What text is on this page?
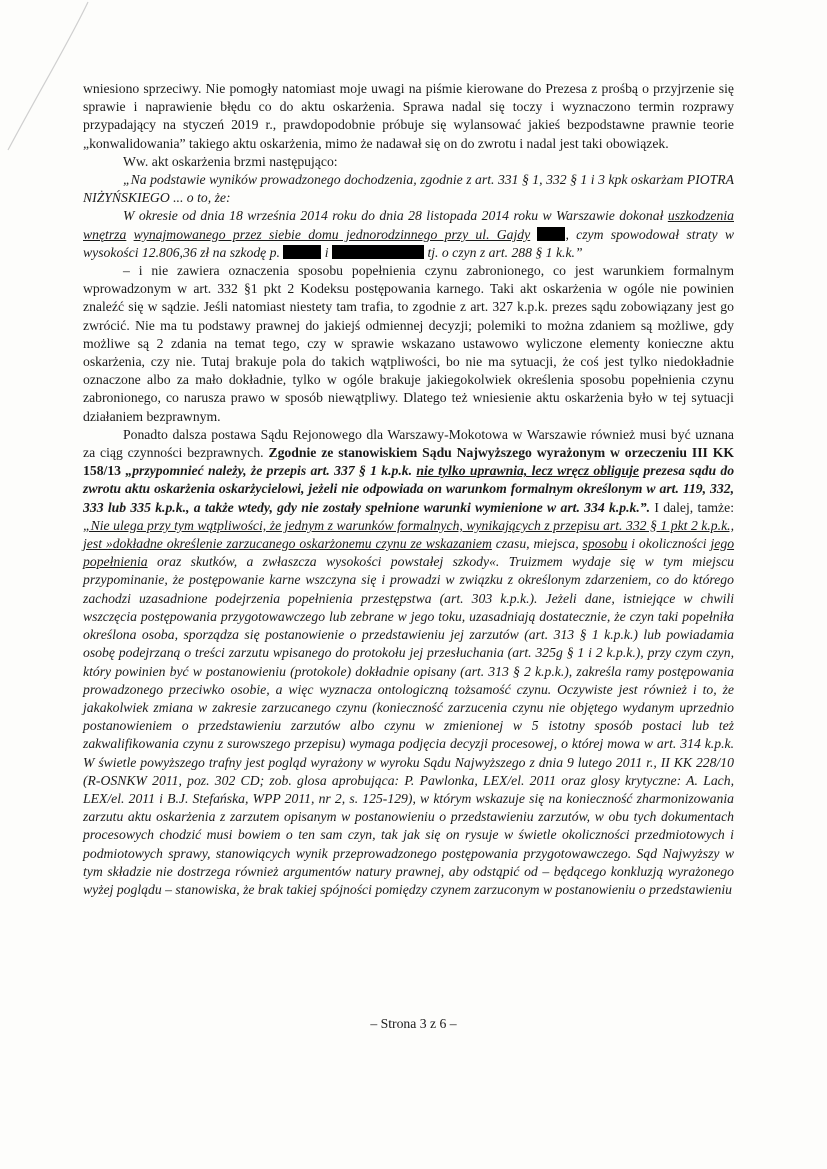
wniesiono sprzeciwy. Nie pomogły natomiast moje uwagi na piśmie kierowane do Prezesa z prośbą o przyjrzenie się sprawie i naprawienie błędu co do aktu oskarżenia. Sprawa nadal się toczy i wyznaczono termin rozprawy przypadający na styczeń 2019 r., prawdopodobnie próbuje się wylansować jakieś bezpodstawne prawnie teorie „konwalidowania” takiego aktu oskarżenia, mimo że nadawał się on do zwrotu i nadal jest taki obowiązek.

Ww. akt oskarżenia brzmi następująco:

„Na podstawie wyników prowadzonego dochodzenia, zgodnie z art. 331 § 1, 332 § 1 i 3 kpk oskarżam PIOTRA NIŻYŃSKIEGO ... o to, że:

W okresie od dnia 18 września 2014 roku do dnia 28 listopada 2014 roku w Warszawie dokonał uszkodzenia wnętrza wynajmowanego przez siebie domu jednorodzinnego przy ul. Gajdy	, czym spowodował straty w wysokości 12.806,36 zł na szkodę p.	i	tj. o czyn z art. 288 § 1 k.k.”

– i nie zawiera oznaczenia sposobu popełnienia czynu zabronionego, co jest warunkiem formalnym wprowadzonym w art. 332 §1 pkt 2 Kodeksu postępowania karnego. Taki akt oskarżenia w ogóle nie powinien znaleźć się w sądzie. Jeśli natomiast niestety tam trafia, to zgodnie z art. 327 k.p.k. prezes sądu zobowiązany jest go zwrócić. Nie ma tu podstawy prawnej do jakiejś odmiennej decyzji; polemiki to można zdaniem są możliwe, gdy możliwe są 2 zdania na temat tego, czy w sprawie wskazano ustawowo wyliczone elementy konieczne aktu oskarżenia, czy nie. Tutaj brakuje pola do takich wątpliwości, bo nie ma sytuacji, że coś jest tylko niedokładnie oznaczone albo za mało dokładnie, tylko w ogóle brakuje jakiegokolwiek określenia sposobu popełnienia czynu zabronionego, co narusza prawo w sposób niewątpliwy. Dlatego też wniesienie aktu oskarżenia było w tej sytuacji działaniem bezprawnym.

Ponadto dalsza postawa Sądu Rejonowego dla Warszawy-Mokotowa w Warszawie również musi być uznana za ciąg czynności bezprawnych. Zgodnie ze stanowiskiem Sądu Najwyższego wyrażonym w orzeczeniu III KK 158/13 „przypomnieć należy, że przepis art. 337 § 1 k.p.k. nie tylko uprawnia, lecz wręcz obliguje prezesa sądu do zwrotu aktu oskarżenia oskarżycielowi, jeżeli nie odpowiada on warunkom formalnym określonym w art. 119, 332, 333 lub 335 k.p.k., a także wtedy, gdy nie zostały spełnione warunki wymienione w art. 334 k.p.k.”. I dalej, tamże: „Nie ulega przy tym wątpliwości, że jednym z warunków formalnych, wynikających z przepisu art. 332 § 1 pkt 2 k.p.k., jest »dokładne określenie zarzucanego oskarżonemu czynu ze wskazaniem czasu, miejsca, sposobu i okoliczności jego popełnienia oraz skutków, a zwłaszcza wysokości powstałej szkody«. Truizmem wydaje się w tym miejscu przypominanie, że postępowanie karne wszczyna się i prowadzi w związku z określonym zdarzeniem, co do którego zachodzi uzasadnione podejrzenia popełnienia przestępstwa (art. 303 k.p.k.). Jeżeli dane, istniejące w chwili wszczęcia postępowania przygotowawczego lub zebrane w jego toku, uzasadniają dostatecznie, że czyn taki popełniła określona osoba, sporządza się postanowienie o przedstawieniu jej zarzutów (art. 313 § 1 k.p.k.) lub powiadamia osobę podejrzaną o treści zarzutu wpisanego do protokołu jej przesłuchania (art. 325g § 1 i 2 k.p.k.), przy czym czyn, który powinien być w postanowieniu (protokole) dokładnie opisany (art. 313 § 2 k.p.k.), zakreśla ramy postępowania prowadzonego przeciwko osobie, a więc wyznacza ontologiczną tożsamość czynu. Oczywiste jest również i to, że jakakolwiek zmiana w zakresie zarzucanego czynu (konieczność zarzucenia czynu nie objętego wydanym uprzednio postanowieniem o przedstawieniu zarzutów albo czynu w zmienionej w 5 istotny sposób postaci lub też zakwalifikowania czynu z surowszego przepisu) wymaga podjęcia decyzji procesowej, o której mowa w art. 314 k.p.k. W świetle powyższego trafny jest pogląd wyrażony w wyroku Sądu Najwyższego z dnia 9 lutego 2011 r., II KK 228/10 (R-OSNKW 2011, poz. 302 CD; zob. glosa aprobująca: P. Pawlonka, LEX/el. 2011 oraz glosy krytyczne: A. Lach, LEX/el. 2011 i B.J. Stefańska, WPP 2011, nr 2, s. 125-129), w którym wskazuje się na konieczność zharmonizowania zarzutu aktu oskarżenia z zarzutem opisanym w postanowieniu o przedstawieniu zarzutów, w obu tych dokumentach procesowych chodzić musi bowiem o ten sam czyn, tak jak się on rysuje w świetle okoliczności przedmiotowych i podmiotowych sprawy, stanowiących wynik przeprowadzonego postępowania przygotowawczego. Sąd Najwyższy w tym składzie nie dostrzega również argumentów natury prawnej, aby odstąpić od – będącego konkluzją wyrażonego wyżej poglądu – stanowiska, że brak takiej spójności pomiędzy czynem zarzuconym w postanowieniu o przedstawieniu

– Strona 3 z 6 –
